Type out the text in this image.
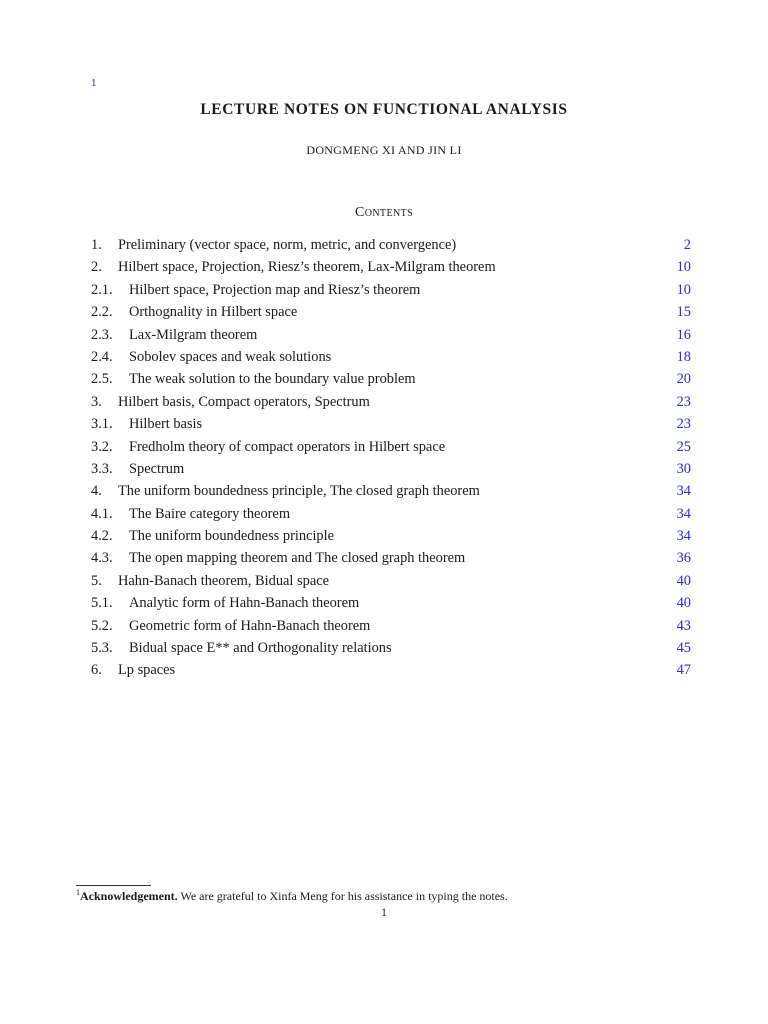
1
LECTURE NOTES ON FUNCTIONAL ANALYSIS
DONGMENG XI AND JIN LI
Contents
1. Preliminary (vector space, norm, metric, and convergence)	2
2. Hilbert space, Projection, Riesz’s theorem, Lax-Milgram theorem	10
2.1. Hilbert space, Projection map and Riesz’s theorem	10
2.2. Orthognality in Hilbert space	15
2.3. Lax-Milgram theorem	16
2.4. Sobolev spaces and weak solutions	18
2.5. The weak solution to the boundary value problem	20
3. Hilbert basis, Compact operators, Spectrum	23
3.1. Hilbert basis	23
3.2. Fredholm theory of compact operators in Hilbert space	25
3.3. Spectrum	30
4. The uniform boundedness principle, The closed graph theorem	34
4.1. The Baire category theorem	34
4.2. The uniform boundedness principle	34
4.3. The open mapping theorem and The closed graph theorem	36
5. Hahn-Banach theorem, Bidual space	40
5.1. Analytic form of Hahn-Banach theorem	40
5.2. Geometric form of Hahn-Banach theorem	43
5.3. Bidual space E** and Orthogonality relations	45
6. Lp spaces	47
$^1$Acknowledgement. We are grateful to Xinfa Meng for his assistance in typing the notes.
1
